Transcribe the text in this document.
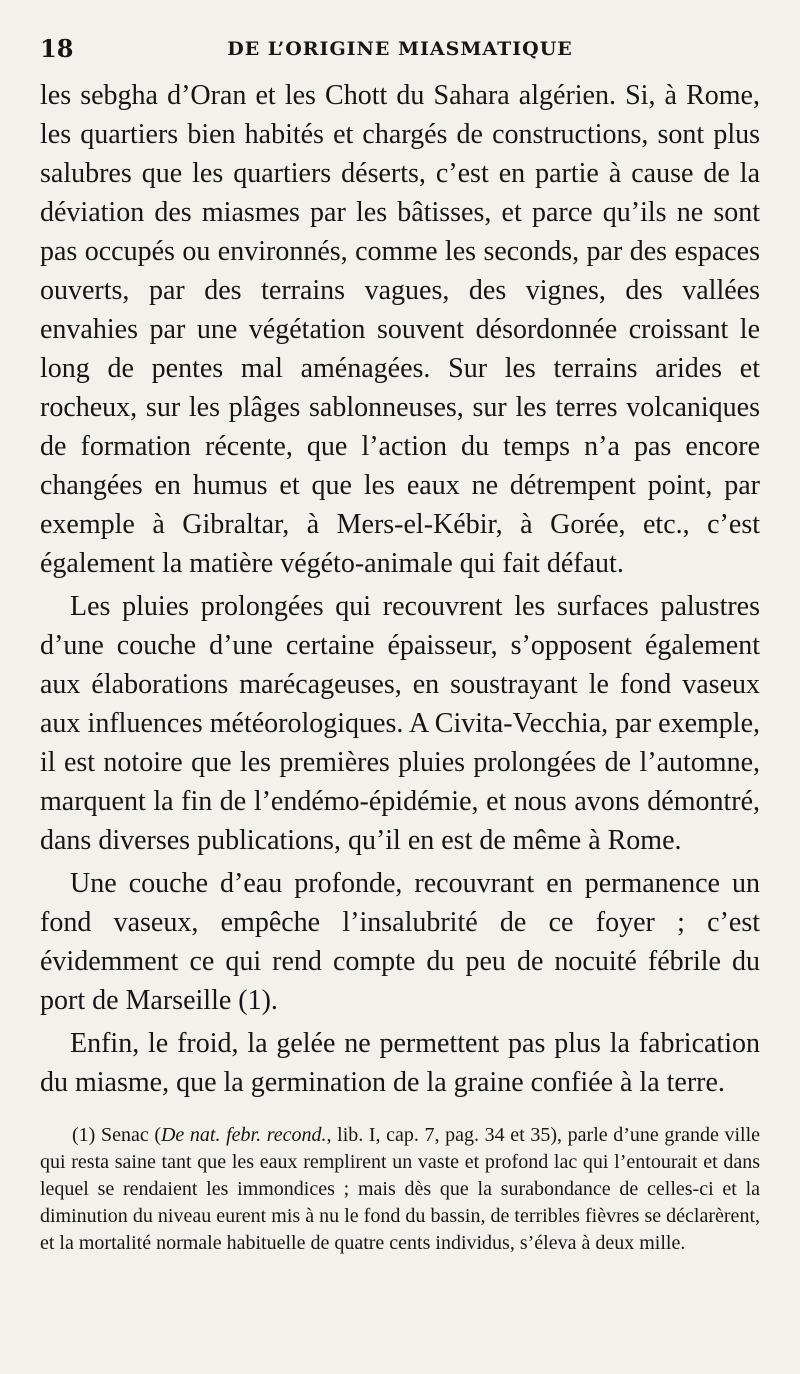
18	DE L’ORIGINE MIASMATIQUE

les sebgha d’Oran et les Chott du Sahara algérien. Si, à Rome, les quartiers bien habités et chargés de constructions, sont plus salubres que les quartiers déserts, c’est en partie à cause de la déviation des miasmes par les bâtisses, et parce qu’ils ne sont pas occupés ou environnés, comme les seconds, par des espaces ouverts, par des terrains vagues, des vignes, des vallées envahies par une végétation souvent désordonnée croissant le long de pentes mal aménagées. Sur les terrains arides et rocheux, sur les plâges sablonneuses, sur les terres volcaniques de formation récente, que l’action du temps n’a pas encore changées en humus et que les eaux ne détrempent point, par exemple à Gibraltar, à Mers-el-Kébir, à Gorée, etc., c’est également la matière végéto-animale qui fait défaut.

Les pluies prolongées qui recouvrent les surfaces palustres d’une couche d’une certaine épaisseur, s’opposent également aux élaborations marécageuses, en soustrayant le fond vaseux aux influences météorologiques. A Civita-Vecchia, par exemple, il est notoire que les premières pluies prolongées de l’automne, marquent la fin de l’endémo-épidémie, et nous avons démontré, dans diverses publications, qu’il en est de même à Rome.

Une couche d’eau profonde, recouvrant en permanence un fond vaseux, empêche l’insalubrité de ce foyer ; c’est évidemment ce qui rend compte du peu de nocuité fébrile du port de Marseille (1).

Enfin, le froid, la gelée ne permettent pas plus la fabrication du miasme, que la germination de la graine confiée à la terre.

(1) Senac (De nat. febr. recond., lib. I, cap. 7, pag. 34 et 35), parle d’une grande ville qui resta saine tant que les eaux remplirent un vaste et profond lac qui l’entourait et dans lequel se rendaient les immondices ; mais dès que la surabondance de celles-ci et la diminution du niveau eurent mis à nu le fond du bassin, de terribles fièvres se déclarèrent, et la mortalité normale habituelle de quatre cents individus, s’éleva à deux mille.
